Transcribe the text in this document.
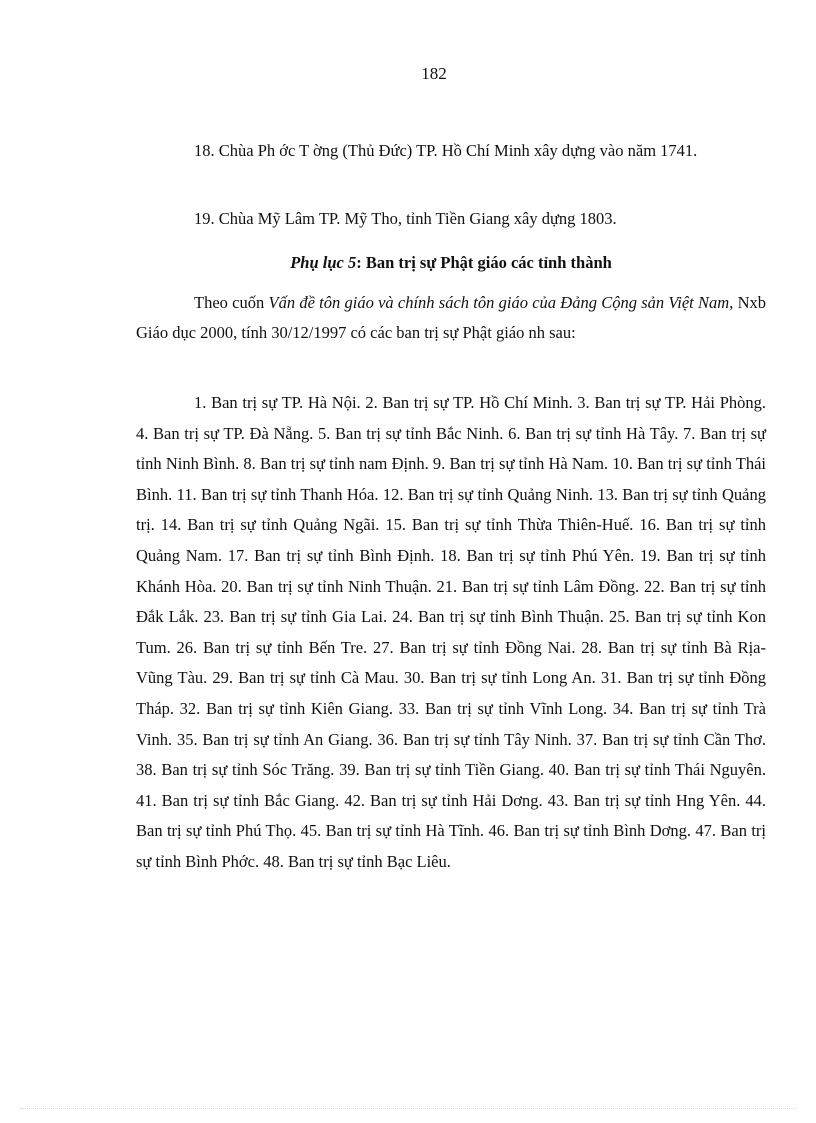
182

18. Chùa Ph ớc T ờng (Thủ Đức) TP. Hồ Chí Minh xây dựng vào năm 1741.

19. Chùa Mỹ Lâm TP. Mỹ Tho, tỉnh Tiền Giang xây dựng 1803.

Phụ lục 5: Ban trị sự Phật giáo các tỉnh thành

Theo cuốn Vấn đề tôn giáo và chính sách tôn giáo của Đảng Cộng sản Việt Nam, Nxb Giáo dục 2000, tính 30/12/1997 có các ban trị sự Phật giáo nh sau:

1. Ban trị sự TP. Hà Nội. 2. Ban trị sự TP. Hồ Chí Minh. 3. Ban trị sự TP. Hải Phòng. 4. Ban trị sự TP. Đà Nẵng. 5. Ban trị sự tỉnh Bắc Ninh. 6. Ban trị sự tỉnh Hà Tây. 7. Ban trị sự tỉnh Ninh Bình. 8. Ban trị sự tỉnh nam Định. 9. Ban trị sự tỉnh Hà Nam. 10. Ban trị sự tỉnh Thái Bình. 11. Ban trị sự tỉnh Thanh Hóa. 12. Ban trị sự tỉnh Quảng Ninh. 13. Ban trị sự tỉnh Quảng trị. 14. Ban trị sự tỉnh Quảng Ngãi. 15. Ban trị sự tỉnh Thừa Thiên-Huế. 16. Ban trị sự tỉnh Quảng Nam. 17. Ban trị sự tỉnh Bình Định. 18. Ban trị sự tỉnh Phú Yên. 19. Ban trị sự tỉnh Khánh Hòa. 20. Ban trị sự tỉnh Ninh Thuận. 21. Ban trị sự tỉnh Lâm Đồng. 22. Ban trị sự tỉnh Đắk Lắk. 23. Ban trị sự tỉnh Gia Lai. 24. Ban trị sự tỉnh Bình Thuận. 25. Ban trị sự tỉnh Kon Tum. 26. Ban trị sự tỉnh Bến Tre. 27. Ban trị sự tỉnh Đồng Nai. 28. Ban trị sự tỉnh Bà Rịa-Vũng Tàu. 29. Ban trị sự tỉnh Cà Mau. 30. Ban trị sự tỉnh Long An. 31. Ban trị sự tỉnh Đồng Tháp. 32. Ban trị sự tỉnh Kiên Giang. 33. Ban trị sự tỉnh Vĩnh Long. 34. Ban trị sự tỉnh Trà Vinh. 35. Ban trị sự tỉnh An Giang. 36. Ban trị sự tỉnh Tây Ninh. 37. Ban trị sự tỉnh Cần Thơ. 38. Ban trị sự tỉnh Sóc Trăng. 39. Ban trị sự tỉnh Tiền Giang. 40. Ban trị sự tỉnh Thái Nguyên. 41. Ban trị sự tỉnh Bắc Giang. 42. Ban trị sự tỉnh Hải Dơng. 43. Ban trị sự tỉnh Hng Yên. 44. Ban trị sự tỉnh Phú Thọ. 45. Ban trị sự tỉnh Hà Tĩnh. 46. Ban trị sự tỉnh Bình Dơng. 47. Ban trị sự tỉnh Bình Phớc. 48. Ban trị sự tỉnh Bạc Liêu.
